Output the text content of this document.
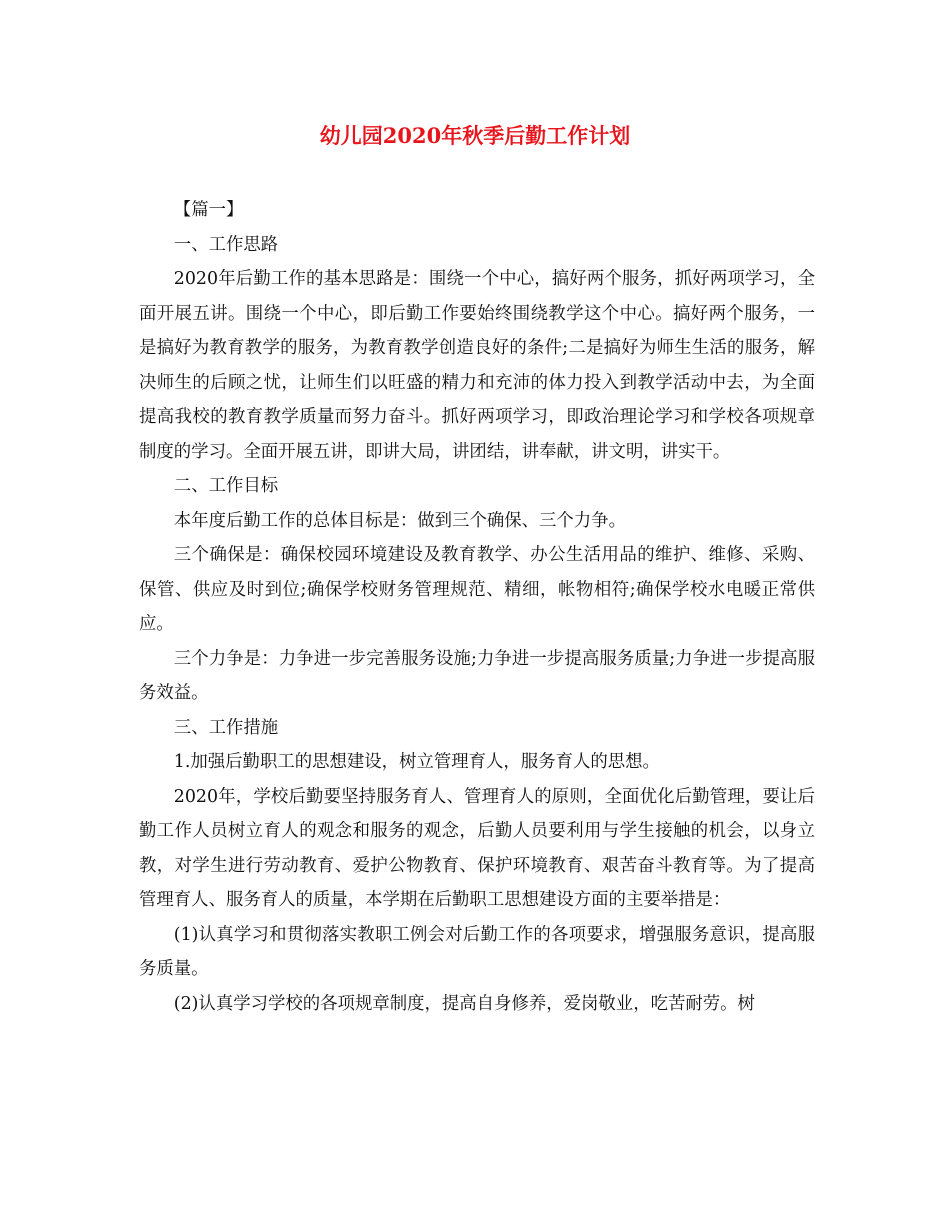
幼儿园2020年秋季后勤工作计划

【篇一】

一、工作思路

2020年后勤工作的基本思路是：围绕一个中心，搞好两个服务，抓好两项学习，全面开展五讲。围绕一个中心，即后勤工作要始终围绕教学这个中心。搞好两个服务，一是搞好为教育教学的服务，为教育教学创造良好的条件;二是搞好为师生生活的服务，解决师生的后顾之忧，让师生们以旺盛的精力和充沛的体力投入到教学活动中去，为全面提高我校的教育教学质量而努力奋斗。抓好两项学习，即政治理论学习和学校各项规章制度的学习。全面开展五讲，即讲大局，讲团结，讲奉献，讲文明，讲实干。

二、工作目标

本年度后勤工作的总体目标是：做到三个确保、三个力争。

三个确保是：确保校园环境建设及教育教学、办公生活用品的维护、维修、采购、保管、供应及时到位;确保学校财务管理规范、精细，帐物相符;确保学校水电暖正常供应。

三个力争是：力争进一步完善服务设施;力争进一步提高服务质量;力争进一步提高服务效益。

三、工作措施

1.加强后勤职工的思想建设，树立管理育人，服务育人的思想。

2020年，学校后勤要坚持服务育人、管理育人的原则，全面优化后勤管理，要让后勤工作人员树立育人的观念和服务的观念，后勤人员要利用与学生接触的机会，以身立教，对学生进行劳动教育、爱护公物教育、保护环境教育、艰苦奋斗教育等。为了提高管理育人、服务育人的质量，本学期在后勤职工思想建设方面的主要举措是：

(1)认真学习和贯彻落实教职工例会对后勤工作的各项要求，增强服务意识，提高服务质量。

(2)认真学习学校的各项规章制度，提高自身修养，爱岗敬业，吃苦耐劳。树
